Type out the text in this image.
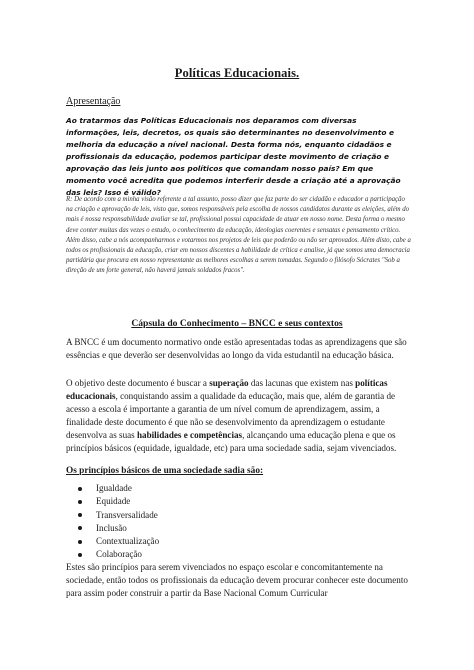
Políticas Educacionais.
Apresentação
Ao tratarmos das Políticas Educacionais nos deparamos com diversas informações, leis, decretos, os quais são determinantes no desenvolvimento e melhoria da educação a nível nacional. Desta forma nós, enquanto cidadãos e profissionais da educação, podemos participar deste movimento de criação e aprovação das leis junto aos políticos que comandam nosso país? Em que momento você acredita que podemos interferir desde a criação até a aprovação das leis? Isso é válido?
R: De acordo com a minha visão referente a tal assunto, posso dizer que faz parte do ser cidadão e educador a participação na criação e aprovação de leis, visto que, somos responsáveis pela escolha de nossos candidatos durante as eleições, além do mais é nossa responsabilidade avaliar se tal, profissional possui capacidade de atuar em nosso nome. Desta forma o mesmo deve conter muitas das vezes o estudo, o conhecimento da educação, ideologias coerentes e sensatas e pensamento crítico. Além disso, cabe a nós acompanharmos e votarmos nos projetos de leis que poderão ou não ser aprovados. Além disto, cabe a todos os profissionais da educação, criar em nossos discentes a habilidade de crítica e analise, já que somos uma democracia partidária que procura em nosso representante as melhores escolhas a serem tomadas. Segundo o filósofo Sócrates "Sob a direção de um forte general, não haverá jamais soldados fracos".
Cápsula do Conhecimento – BNCC e seus contextos
A BNCC é um documento normativo onde estão apresentadas todas as aprendizagens que são essências e que deverão ser desenvolvidas ao longo da vida estudantil na educação básica.
O objetivo deste documento é buscar a superação das lacunas que existem nas políticas educacionais, conquistando assim a qualidade da educação, mais que, além de garantia de acesso a escola é importante a garantia de um nível comum de aprendizagem, assim, a finalidade deste documento é que não se desenvolvimento da aprendizagem o estudante desenvolva as suas habilidades e competências, alcançando uma educação plena e que os princípios básicos (equidade, igualdade, etc) para uma sociedade sadia, sejam vivenciados.
Os princípios básicos de uma sociedade sadia são:
Igualdade
Equidade
Transversalidade
Inclusão
Contextualização
Colaboração
Estes são princípios para serem vivenciados no espaço escolar e concomitantemente na sociedade, então todos os profissionais da educação devem procurar conhecer este documento para assim poder construir a partir da Base Nacional Comum Curricular
